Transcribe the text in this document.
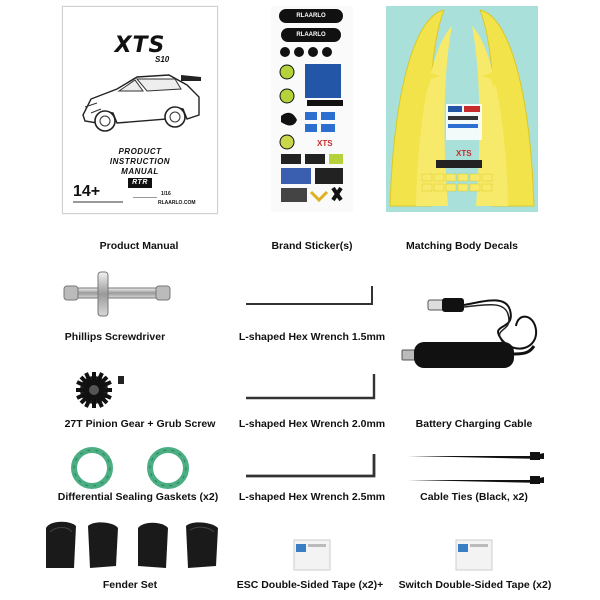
XTS
S10
PRODUCT
INSTRUCTION
MANUAL
RTR
14+	1/16
RLAARLO.COM
RLAARLO
RLAARLO
XTS
XTS
Product Manual	Brand Sticker(s)	Matching Body Decals
Phillips Screwdriver	L-shaped Hex Wrench 1.5mm
27T Pinion Gear + Grub Screw	L-shaped Hex Wrench 2.0mm	Battery Charging Cable
Differential Sealing Gaskets (x2)	L-shaped Hex Wrench 2.5mm	Cable Ties (Black, x2)
Fender Set	ESC Double-Sided Tape (x2)+	Switch Double-Sided Tape (x2)
